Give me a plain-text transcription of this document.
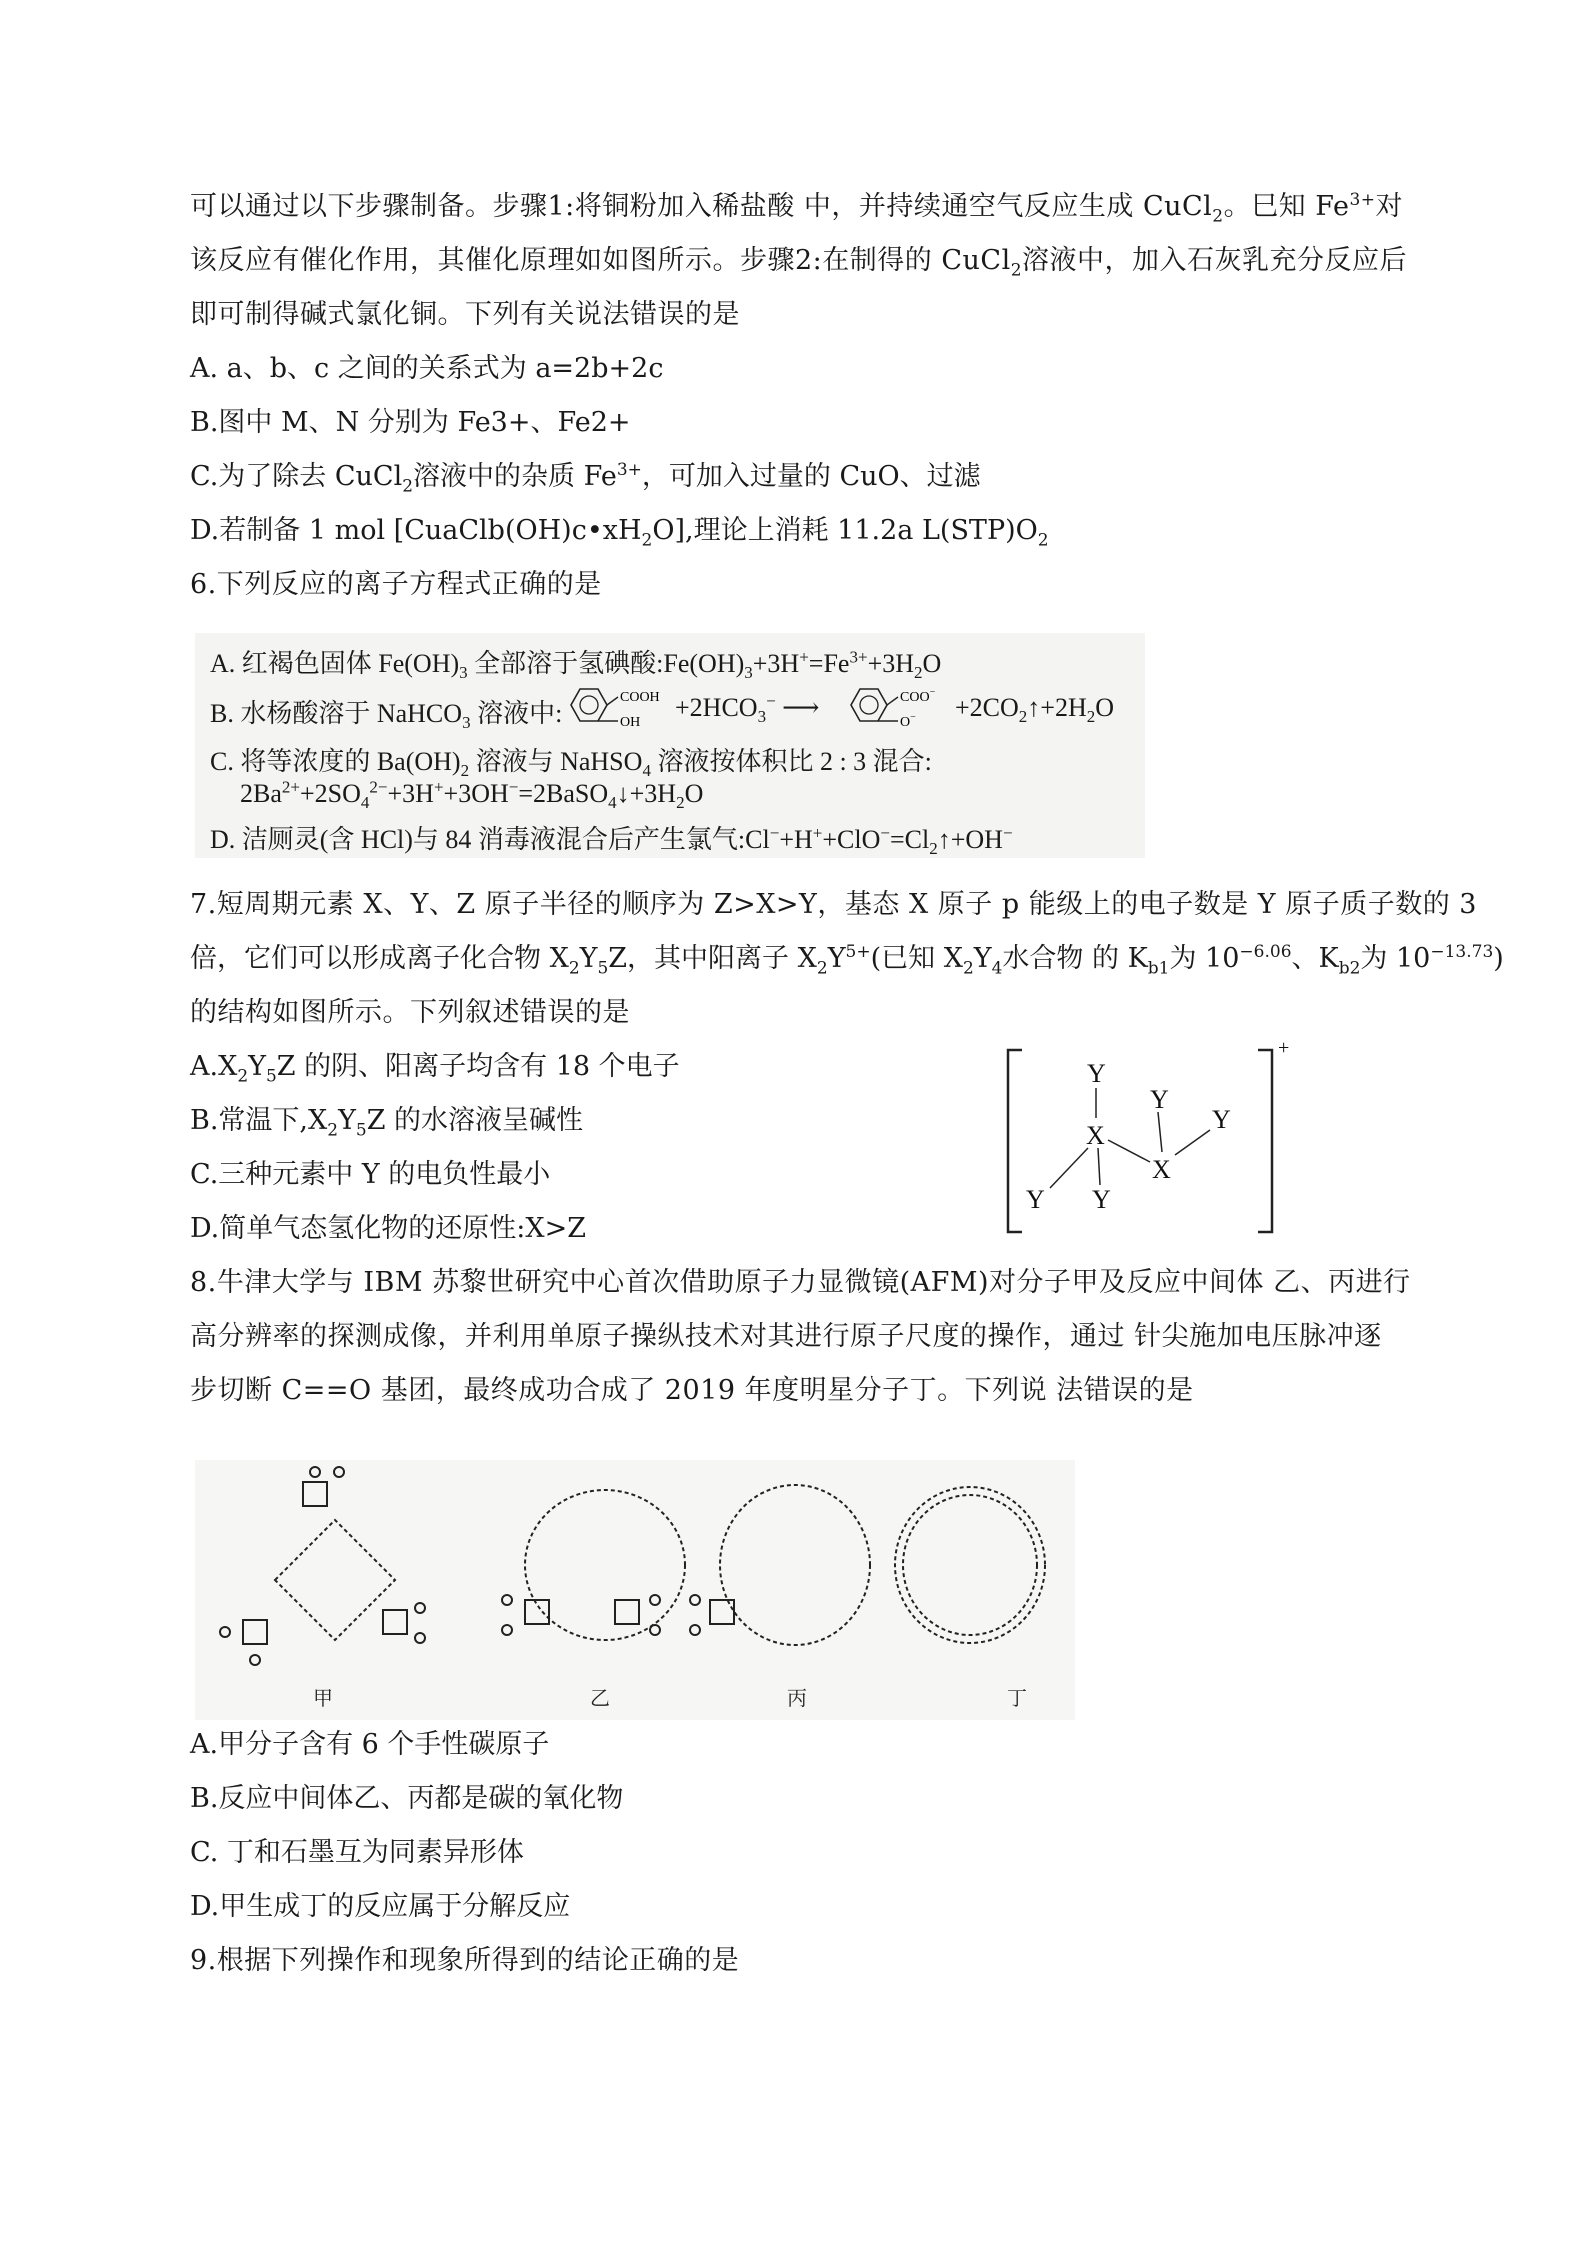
可以通过以下步骤制备。步骤1:将铜粉加入稀盐酸 中，并持续通空气反应生成 CuCl$_2$。巳知 $Fe^{3+}$对
该反应有催化作用，其催化原理如如图所示。步骤2:在制得的 CuCl$_2$溶液中，加入石灰乳充分反应后
即可制得碱式氯化铜。下列有关说法错误的是
A. a、b、c 之间的关系式为 a=2b+2c
B.图中 M、N 分别为 Fe3+、Fe2+
C.为了除去 CuCl$_2$溶液中的杂质 $Fe^{3+}$，可加入过量的 CuO、过滤
D.若制备 1 mol $[CuaClb(OH)c•xH_2O]$,理论上消耗 11.2a $L(STP)O_2$
6.下列反应的离子方程式正确的是
A. 红褐色固体 $Fe(OH)_3$ 全部溶于氢碘酸$:Fe(OH)_3+3H^+=Fe^{3+}+3H_2O$
B. 水杨酸溶于 NaHCO$_3$ 溶液中:
COOH
OH
$+2HCO_3^-$ ⟶	COO−
$O^- +2CO_2↑+2H_2O$
C. 将等浓度的 $Ba(OH)_2$ 溶液与 NaHSO$_4$ 溶液按体积比 2 : 3 混合:
$2Ba^{2+}+2SO_4^{2-}+3H^++3OH^-=2BaSO_4↓+3H_2O$
D. 洁厕灵(含 HCl)与 84 消毒液混合后产生氯气$:Cl^-+H^++ClO^-=Cl_2↑+OH^-$
7.短周期元素 X、Y、Z 原子半径的顺序为 Z>X>Y，基态 X 原子 p 能级上的电子数是 Y 原子质子数的 3
倍，它们可以形成离子化合物 $X_2Y_5Z$，其中阳离子 $X_2Y^{5+}$(已知 $X_2Y_4$水合物 的 $K_{b1}$为 $10^{-6.06}$、$K_{b2}$为 $10^{-13.73}$)
的结构如图所示。下列叙述错误的是
$A.X_2Y_5Z$ 的阴、阳离子均含有 18 个电子
B.常温下$,X_2Y_5Z$ 的水溶液呈碱性
C.三种元素中 Y 的电负性最小
D.简单气态氢化物的还原性:X>Z
Y
X
Y
X
Y
Y Y
+
8.牛津大学与 IBM 苏黎世研究中心首次借助原子力显微镜(AFM)对分子甲及反应中间体 乙、丙进行
高分辨率的探测成像，并利用单原子操纵技术对其进行原子尺度的操作，通过 针尖施加电压脉冲逐
步切断 C==O 基团，最终成功合成了 2019 年度明星分子丁。下列说 法错误的是
甲	乙	丙	丁
A.甲分子含有 6 个手性碳原子
B.反应中间体乙、丙都是碳的氧化物
C. 丁和石墨互为同素异形体
D.甲生成丁的反应属于分解反应
9.根据下列操作和现象所得到的结论正确的是
